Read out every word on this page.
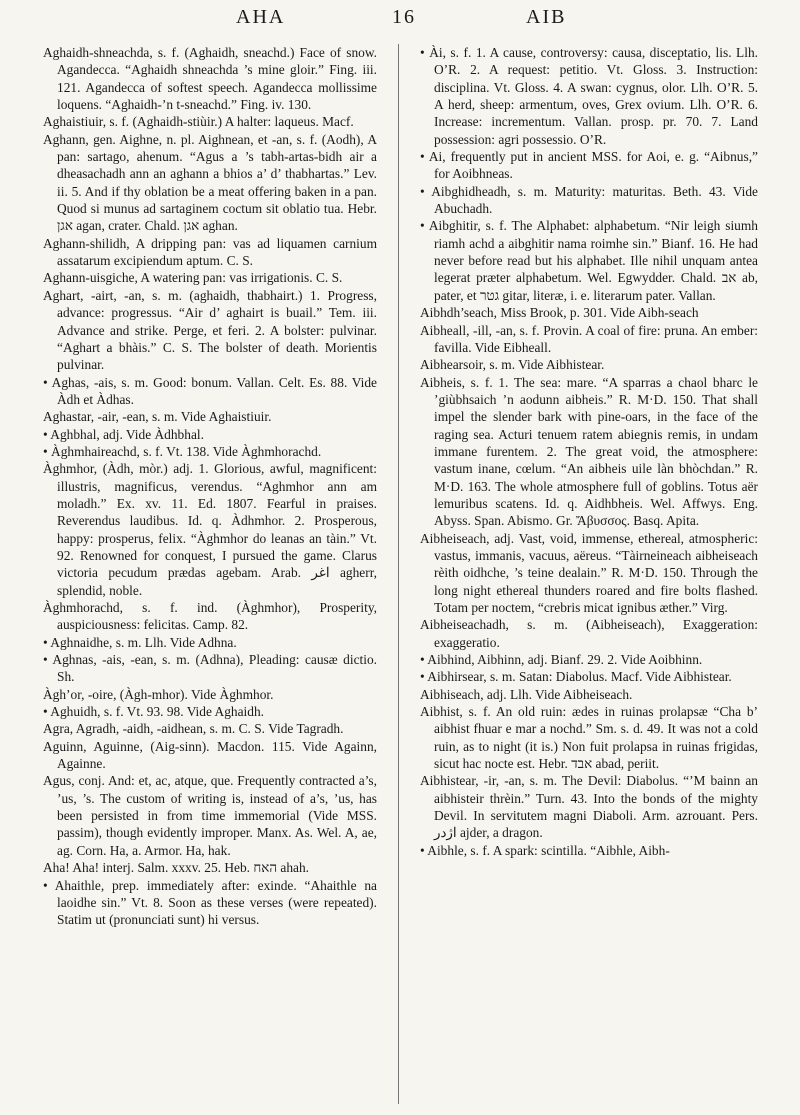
AHA	16	AIB

Aghaidh-shneachda, s. f. (Aghaidh, sneachd.) Face of snow. Agandecca. “Aghaidh shneachda ’s mine gloir.” Fing. iii. 121. Agandecca of softest speech. Agandecca mollissime loquens. “Aghaidh-’n t-sneachd.” Fing. iv. 130.

Aghaistiuir, s. f. (Aghaidh-stiùir.) A halter: laqueus. Macf.

Aghann, gen. Aighne, n. pl. Aighnean, et -an, s. f. (Aodh), A pan: sartago, ahenum. “Agus a ’s tabh-artas-bidh air a dheasachadh ann an aghann a bhios a’ d’ thabhartas.” Lev. ii. 5. And if thy oblation be a meat offering baken in a pan. Quod si munus ad sartaginem coctum sit oblatio tua. Hebr. אגן agan, crater. Chald. אגן aghan.

Aghann-shilidh, A dripping pan: vas ad liquamen carnium assatarum excipiendum aptum. C. S.

Aghann-uisgiche, A watering pan: vas irrigationis. C. S.

Aghart, -airt, -an, s. m. (aghaidh, thabhairt.) 1. Progress, advance: progressus. “Air d’ aghairt is buail.” Tem. iii. Advance and strike. Perge, et feri. 2. A bolster: pulvinar. “Aghart a bhàis.” C. S. The bolster of death. Morientis pulvinar.

• Aghas, -ais, s. m. Good: bonum. Vallan. Celt. Es. 88. Vide Àdh et Àdhas.

Aghastar, -air, -ean, s. m. Vide Aghaistiuir.

• Aghbhal, adj. Vide Àdhbhal.

• Àghmhaireachd, s. f. Vt. 138. Vide Àghmhorachd.

Àghmhor, (Àdh, mòr.) adj. 1. Glorious, awful, magnificent: illustris, magnificus, verendus. “Aghmhor ann am moladh.” Ex. xv. 11. Ed. 1807. Fearful in praises. Reverendus laudibus. Id. q. Àdhmhor. 2. Prosperous, happy: prosperus, felix. “Àghmhor do leanas an tàin.” Vt. 92. Renowned for conquest, I pursued the game. Clarus victoria pecudum prædas agebam. Arab. اغر agherr, splendid, noble.

Àghmhorachd, s. f. ind. (Àghmhor), Prosperity, auspiciousness: felicitas. Camp. 82.

• Aghnaidhe, s. m. Llh. Vide Adhna.

• Aghnas, -ais, -ean, s. m. (Adhna), Pleading: causæ dictio. Sh.

Àgh’or, -oire, (Àgh-mhor). Vide Àghmhor.

• Aghuidh, s. f. Vt. 93. 98. Vide Aghaidh.

Agra, Agradh, -aidh, -aidhean, s. m. C. S. Vide Tagradh.

Aguinn, Aguinne, (Aig-sinn). Macdon. 115. Vide Againn, Againne.

Agus, conj. And: et, ac, atque, que. Frequently contracted a’s, ’us, ’s. The custom of writing is, instead of a’s, ’us, has been persisted in from time immemorial (Vide MSS. passim), though evidently improper. Manx. As. Wel. A, ae, ag. Corn. Ha, a. Armor. Ha, hak.

Aha! Aha! interj. Salm. xxxv. 25. Heb. האח ahah.

• Ahaithle, prep. immediately after: exinde. “Ahaithle na laoidhe sin.” Vt. 8. Soon as these verses (were repeated). Statim ut (pronunciati sunt) hi versus.

• Ài, s. f. 1. A cause, controversy: causa, disceptatio, lis. Llh. O’R. 2. A request: petitio. Vt. Gloss. 3. Instruction: disciplina. Vt. Gloss. 4. A swan: cygnus, olor. Llh. O’R. 5. A herd, sheep: armentum, oves, Grex ovium. Llh. O’R. 6. Increase: incrementum. Vallan. prosp. pr. 70. 7. Land possession: agri possessio. O’R.

• Ai, frequently put in ancient MSS. for Aoi, e. g. “Aibnus,” for Aoibhneas.

• Aibghidheadh, s. m. Maturity: maturitas. Beth. 43. Vide Abuchadh.

• Aibghitir, s. f. The Alphabet: alphabetum. “Nir leigh siumh riamh achd a aibghitir nama roimhe sin.” Bianf. 16. He had never before read but his alphabet. Ille nihil unquam antea legerat præter alphabetum. Wel. Egwydder. Chald. אב ab, pater, et גטר gitar, literæ, i. e. literarum pater. Vallan.

Aibhdh’seach, Miss Brook, p. 301. Vide Aibh-seach

Aibheall, -ill, -an, s. f. Provin. A coal of fire: pruna. An ember: favilla. Vide Eibheall.

Aibhearsoir, s. m. Vide Aibhistear.

Aibheis, s. f. 1. The sea: mare. “A sparras a chaol bharc le ’giùbhsaich ’n aodunn aibheis.” R. M·D. 150. That shall impel the slender bark with pine-oars, in the face of the raging sea. Acturi tenuem ratem abiegnis remis, in undam immane furentem. 2. The great void, the atmosphere: vastum inane, cœlum. “An aibheis uile làn bhòchdan.” R. M·D. 163. The whole atmosphere full of goblins. Totus aër lemuribus scatens. Id. q. Aidhbheis. Wel. Affwys. Eng. Abyss. Span. Abismo. Gr. Ἄβυσσος. Basq. Apita.

Aibheiseach, adj. Vast, void, immense, ethereal, atmospheric: vastus, immanis, vacuus, aëreus. “Tàirneineach aibheiseach rèith oidhche, ’s teine dealain.” R. M·D. 150. Through the long night ethereal thunders roared and fire bolts flashed. Totam per noctem, “crebris micat ignibus æther.” Virg.

Aibheiseachadh, s. m. (Aibheiseach), Exaggeration: exaggeratio.

• Aibhind, Aibhinn, adj. Bianf. 29. 2. Vide Aoibhinn.

• Aibhirsear, s. m. Satan: Diabolus. Macf. Vide Aibhistear.

Aibhiseach, adj. Llh. Vide Aibheiseach.

Aibhist, s. f. An old ruin: ædes in ruinas prolapsæ “Cha b’ aibhist fhuar e mar a nochd.” Sm. s. d. 49. It was not a cold ruin, as to night (it is.) Non fuit prolapsa in ruinas frigidas, sicut hac nocte est. Hebr. אבד abad, periit.

Aibhistear, -ir, -an, s. m. The Devil: Diabolus. “’M bainn an aibhisteir thrèin.” Turn. 43. Into the bonds of the mighty Devil. In servitutem magni Diaboli. Arm. azrouant. Pers. اژدر ajder, a dragon.

• Aibhle, s. f. A spark: scintilla. “Aibhle, Aibh-
